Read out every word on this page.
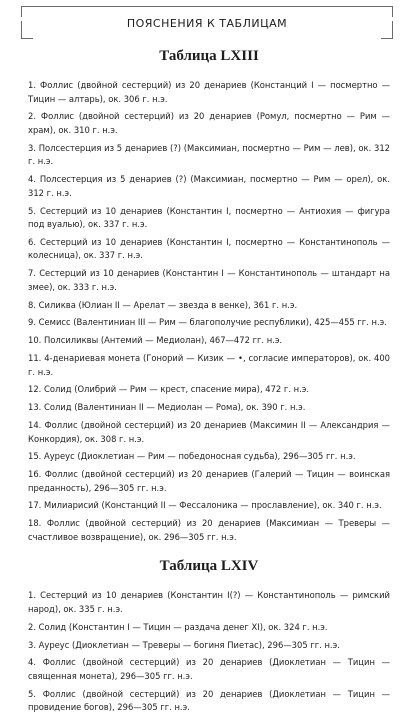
ПОЯСНЕНИЯ К ТАБЛИЦАМ
Таблица LXIII

1. Фоллис (двойной сестерций) из 20 денариев (Констанций I — посмертно — Тицин — алтарь), ок. 306 г. н.э.

2. Фоллис (двойной сестерций) из 20 денариев (Ромул, посмертно — Рим — храм), ок. 310 г. н.э.

3. Полсестерция из 5 денариев (?) (Максимиан, посмертно — Рим — лев), ок. 312 г. н.э.

4. Полсестерция из 5 денариев (?) (Максимиан, посмертно — Рим — орел), ок. 312 г. н.э.

5. Сестерций из 10 денариев (Константин I, посмертно — Антиохия — фигура под вуалью), ок. 337 г. н.э.

6. Сестерций из 10 денариев (Константин I, посмертно — Константинополь — колесница), ок. 337 г. н.э.

7. Сестерций из 10 денариев (Константин I — Константинополь — штандарт на змее), ок. 333 г. н.э.

8. Силиква (Юлиан II — Арелат — звезда в венке), 361 г. н.э.

9. Семисс (Валентиниан III — Рим — благополучие республики), 425—455 гг. н.э.

10. Полсиликвы (Антемий — Медиолан), 467—472 гг. н.э.

11. 4-денариевая монета (Гонорий — Кизик — •, согласие императоров), ок. 400 г. н.э.

12. Солид (Олибрий — Рим — крест, спасение мира), 472 г. н.э.

13. Солид (Валентиниан II — Медиолан — Рома), ок. 390 г. н.э.

14. Фоллис (двойной сестерций) из 20 денариев (Максимин II — Александрия — Конкордия), ок. 308 г. н.э.

15. Ауреус (Диоклетиан — Рим — победоносная судьба), 296—305 гг. н.э.

16. Фоллис (двойной сестерций) из 20 денариев (Галерий — Тицин — воинская преданность), 296—305 гг. н.э.

17. Милиарисий (Констанций II — Фессалоника — прославление), ок. 340 г. н.э.

18. Фоллис (двойной сестерций) из 20 денариев (Максимиан — Треверы — счастливое возвращение), ок. 296—305 гг. н.э.

Таблица LXIV

1. Сестерций из 10 денариев (Константин I(?) — Константинополь — римский народ), ок. 335 г. н.э.

2. Солид (Константин I — Тицин — раздача денег XI), ок. 324 г. н.э.

3. Ауреус (Диоклетиан — Треверы — богиня Пиетас), 296—305 гг. н.э.

4. Фоллис (двойной сестерций) из 20 денариев (Диоклетиан — Тицин — священная монета), 296—305 гг. н.э.

5. Фоллис (двойной сестерций) из 20 денариев (Диоклетиан — Тицин — провидение богов), 296—305 гг. н.э.
